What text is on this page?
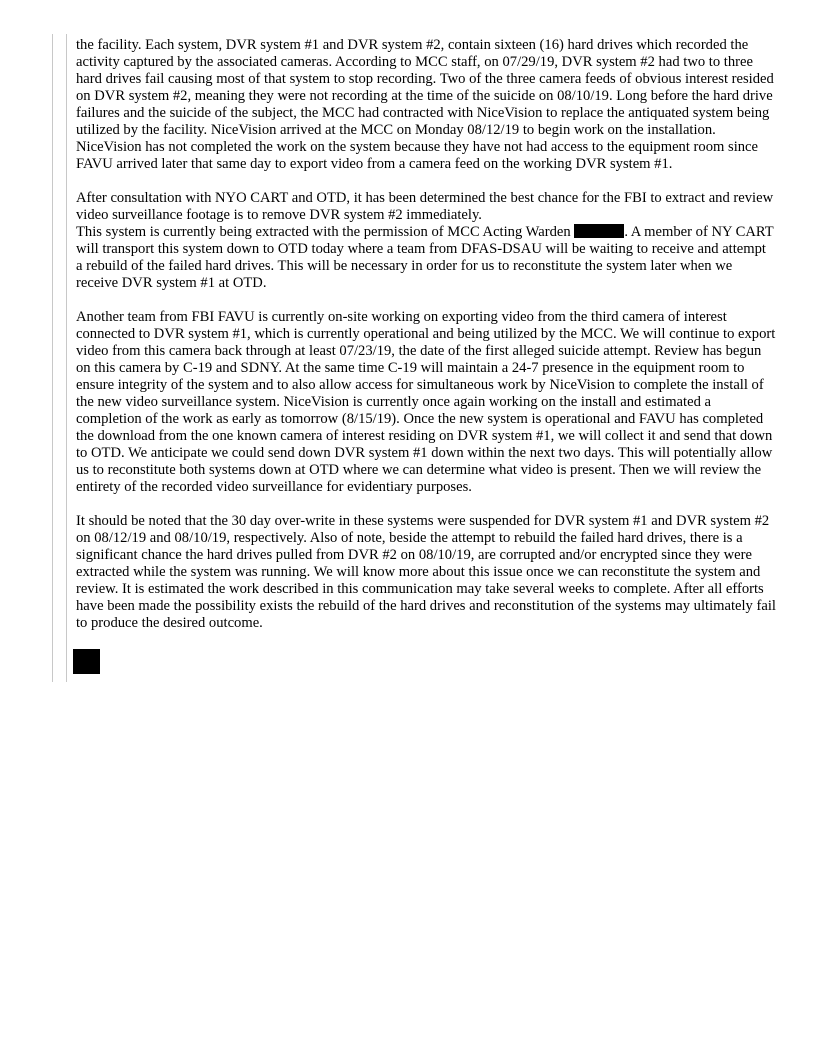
the facility. Each system, DVR system #1 and DVR system #2, contain sixteen (16) hard drives which recorded the activity captured by the associated cameras. According to MCC staff, on 07/29/19, DVR system #2 had two to three hard drives fail causing most of that system to stop recording. Two of the three camera feeds of obvious interest resided on DVR system #2, meaning they were not recording at the time of the suicide on 08/10/19. Long before the hard drive failures and the suicide of the subject, the MCC had contracted with NiceVision to replace the antiquated system being utilized by the facility. NiceVision arrived at the MCC on Monday 08/12/19 to begin work on the installation. NiceVision has not completed the work on the system because they have not had access to the equipment room since FAVU arrived later that same day to export video from a camera feed on the working DVR system #1.

After consultation with NYO CART and OTD, it has been determined the best chance for the FBI to extract and review video surveillance footage is to remove DVR system #2 immediately.
This system is currently being extracted with the permission of MCC Acting Warden	. A member of NY CART will transport this system down to OTD today where a team from DFAS-DSAU will be waiting to receive and attempt a rebuild of the failed hard drives. This will be necessary in order for us to reconstitute the system later when we receive DVR system #1 at OTD.

Another team from FBI FAVU is currently on-site working on exporting video from the third camera of interest connected to DVR system #1, which is currently operational and being utilized by the MCC. We will continue to export video from this camera back through at least 07/23/19, the date of the first alleged suicide attempt. Review has begun on this camera by C-19 and SDNY. At the same time C-19 will maintain a 24-7 presence in the equipment room to ensure integrity of the system and to also allow access for simultaneous work by NiceVision to complete the install of the new video surveillance system. NiceVision is currently once again working on the install and estimated a completion of the work as early as tomorrow (8/15/19). Once the new system is operational and FAVU has completed the download from the one known camera of interest residing on DVR system #1, we will collect it and send that down to OTD. We anticipate we could send down DVR system #1 down within the next two days. This will potentially allow us to reconstitute both systems down at OTD where we can determine what video is present. Then we will review the entirety of the recorded video surveillance for evidentiary purposes.

It should be noted that the 30 day over-write in these systems were suspended for DVR system #1 and DVR system #2 on 08/12/19 and 08/10/19, respectively. Also of note, beside the attempt to rebuild the failed hard drives, there is a significant chance the hard drives pulled from DVR #2 on 08/10/19, are corrupted and/or encrypted since they were extracted while the system was running. We will know more about this issue once we can reconstitute the system and review. It is estimated the work described in this communication may take several weeks to complete. After all efforts have been made the possibility exists the rebuild of the hard drives and reconstitution of the systems may ultimately fail to produce the desired outcome.
